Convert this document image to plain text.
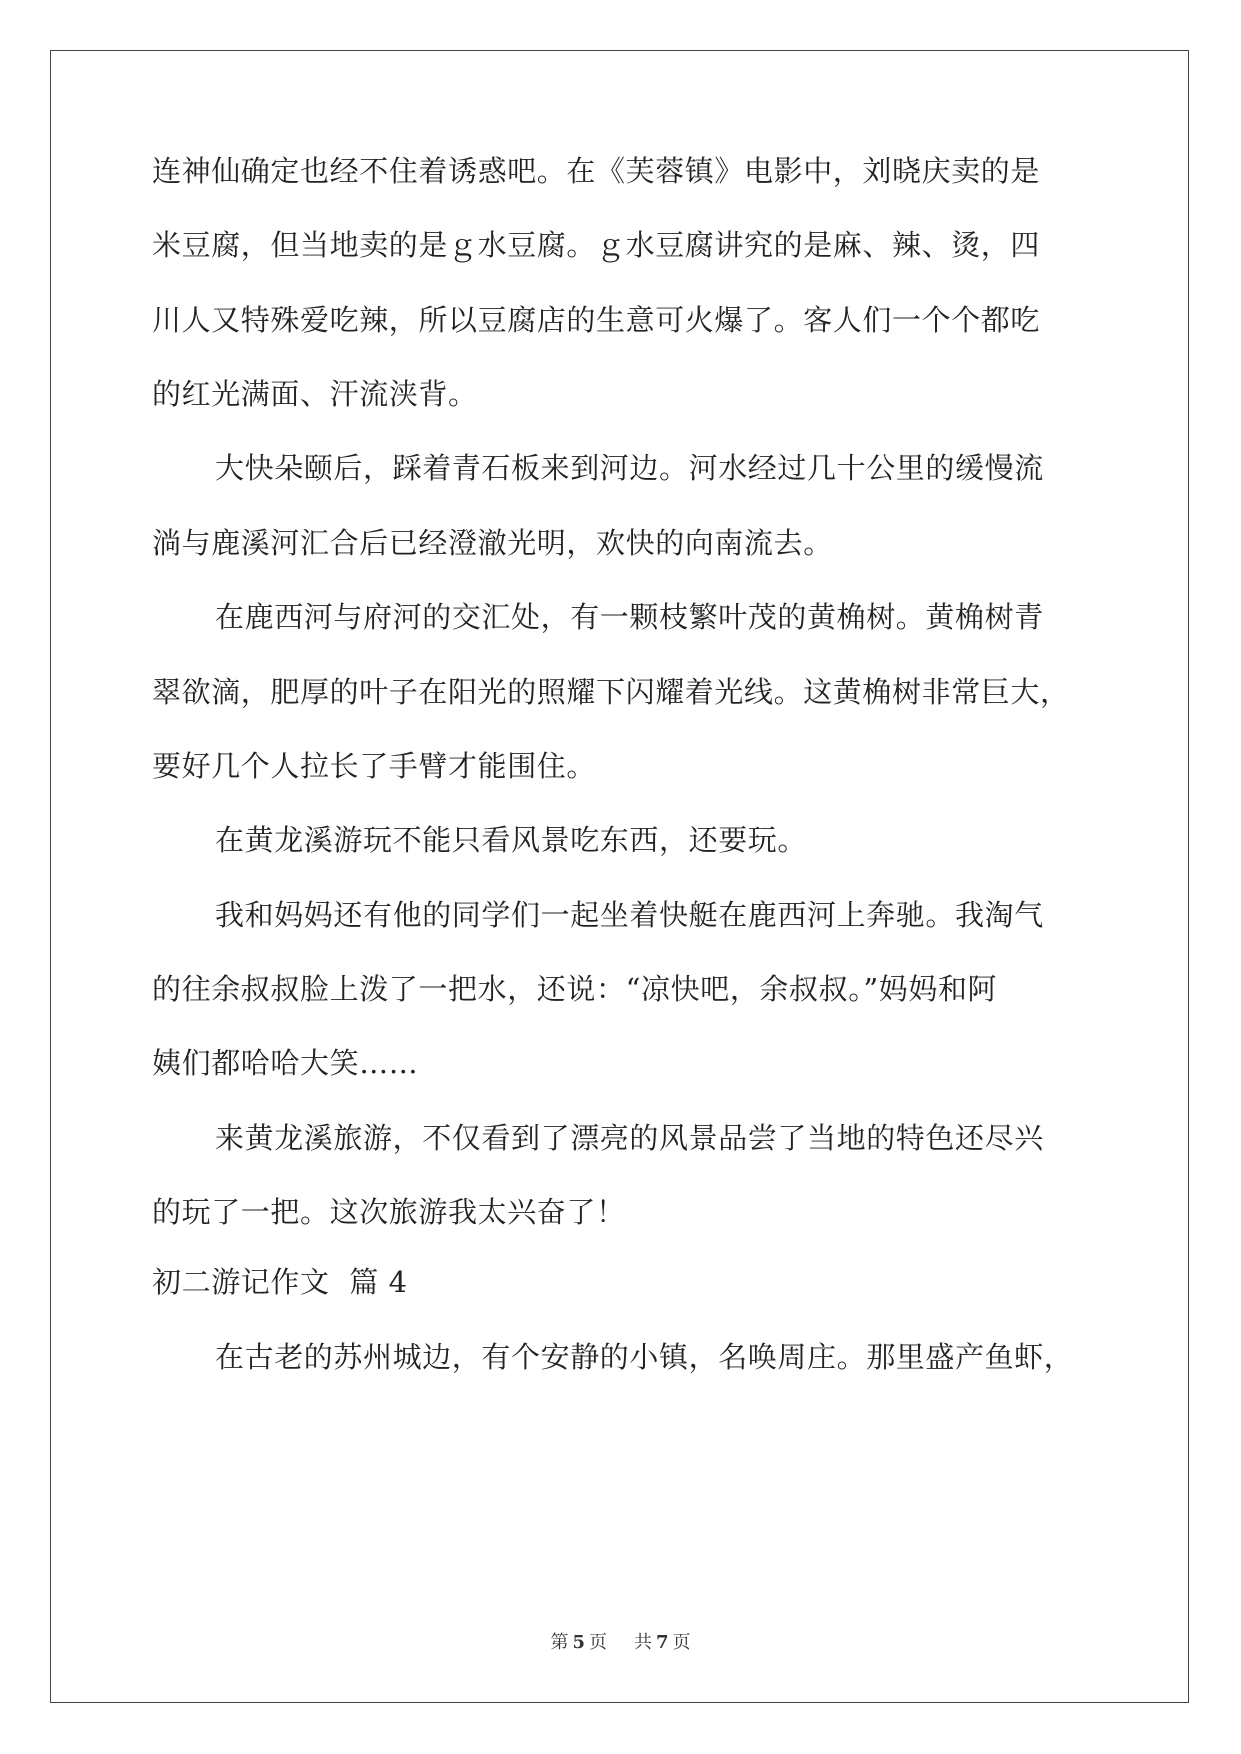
连神仙确定也经不住着诱惑吧。在《芙蓉镇》电影中，刘晓庆卖的是
米豆腐，但当地卖的是ｇ水豆腐。ｇ水豆腐讲究的是麻、辣、烫，四
川人又特殊爱吃辣，所以豆腐店的生意可火爆了。客人们一个个都吃
的红光满面、汗流浃背。
大快朵颐后，踩着青石板来到河边。河水经过几十公里的缓慢流
淌与鹿溪河汇合后已经澄澈光明，欢快的向南流去。
在鹿西河与府河的交汇处，有一颗枝繁叶茂的黄桷树。黄桷树青
翠欲滴，肥厚的叶子在阳光的照耀下闪耀着光线。这黄桷树非常巨大，
要好几个人拉长了手臂才能围住。
在黄龙溪游玩不能只看风景吃东西，还要玩。
我和妈妈还有他的同学们一起坐着快艇在鹿西河上奔驰。我淘气
的往余叔叔脸上泼了一把水，还说：“凉快吧，余叔叔。”妈妈和阿
姨们都哈哈大笑……
来黄龙溪旅游，不仅看到了漂亮的风景品尝了当地的特色还尽兴
的玩了一把。这次旅游我太兴奋了！
初二游记作文  篇 4
在古老的苏州城边，有个安静的小镇，名唤周庄。那里盛产鱼虾，
第 5 页 共 7 页
